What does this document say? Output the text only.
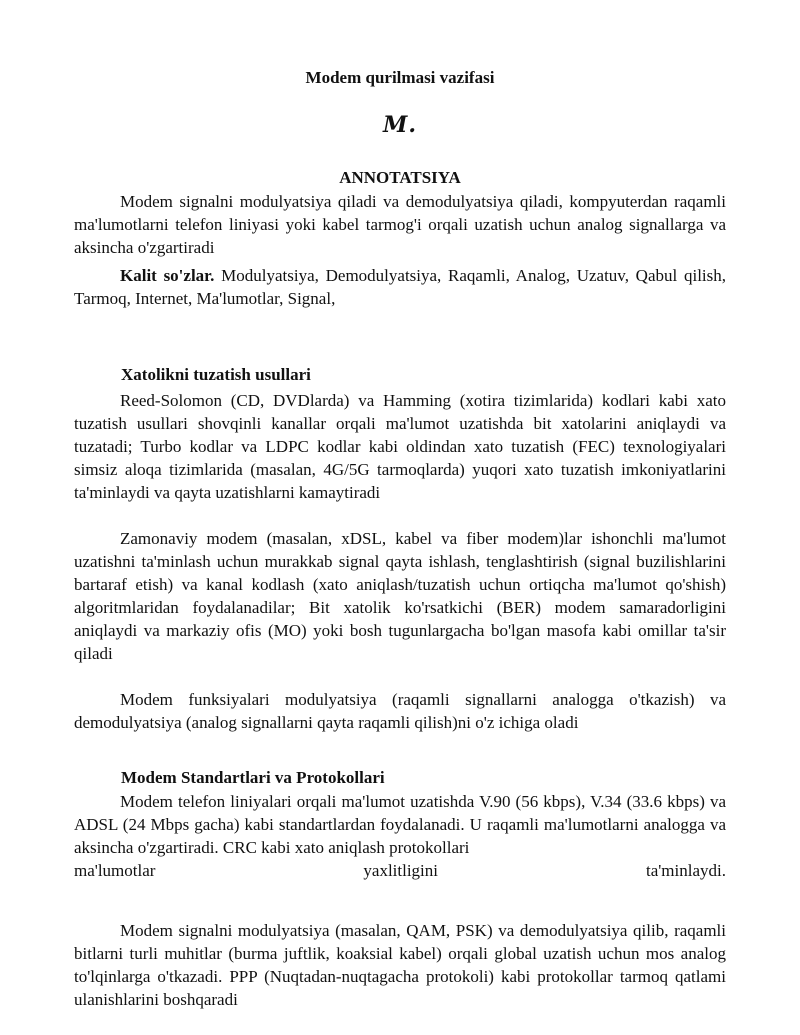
Modem qurilmasi vazifasi
M.
ANNOTATSIYA

Modem signalni modulyatsiya qiladi va demodulyatsiya qiladi, kompyuterdan raqamli ma'lumotlarni telefon liniyasi yoki kabel tarmog'i orqali uzatish uchun analog signallarga va aksincha o'zgartiradi

Kalit so'zlar. Modulyatsiya, Demodulyatsiya, Raqamli, Analog, Uzatuv, Qabul qilish, Tarmoq, Internet, Ma'lumotlar, Signal,

Xatolikni tuzatish usullari

Reed-Solomon (CD, DVDlarda) va Hamming (xotira tizimlarida) kodlari kabi xato tuzatish usullari shovqinli kanallar orqali ma'lumot uzatishda bit xatolarini aniqlaydi va tuzatadi; Turbo kodlar va LDPC kodlar kabi oldindan xato tuzatish (FEC) texnologiyalari simsiz aloqa tizimlarida (masalan, 4G/5G tarmoqlarda) yuqori xato tuzatish imkoniyatlarini ta'minlaydi va qayta uzatishlarni kamaytiradi

Zamonaviy modem (masalan, xDSL, kabel va fiber modem)lar ishonchli ma'lumot uzatishni ta'minlash uchun murakkab signal qayta ishlash, tenglashtirish (signal buzilishlarini bartaraf etish) va kanal kodlash (xato aniqlash/tuzatish uchun ortiqcha ma'lumot qo'shish) algoritmlaridan foydalanadilar; Bit xatolik ko'rsatkichi (BER) modem samaradorligini aniqlaydi va markaziy ofis (MO) yoki bosh tugunlargacha bo'lgan masofa kabi omillar ta'sir qiladi

Modem funksiyalari modulyatsiya (raqamli signallarni analogga o'tkazish) va demodulyatsiya (analog signallarni qayta raqamli qilish)ni o'z ichiga oladi

Modem Standartlari va Protokollari

Modem telefon liniyalari orqali ma'lumot uzatishda V.90 (56 kbps), V.34 (33.6 kbps) va ADSL (24 Mbps gacha) kabi standartlardan foydalanadi. U raqamli ma'lumotlarni analogga va aksincha o'zgartiradi. CRC kabi xato aniqlash protokollari

ma'lumotlar yaxlitligini ta'minlaydi.

Modem signalni modulyatsiya (masalan, QAM, PSK) va demodulyatsiya qilib, raqamli bitlarni turli muhitlar (burma juftlik, koaksial kabel) orqali global uzatish uchun mos analog to'lqinlarga o'tkazadi. PPP (Nuqtadan-nuqtagacha protokoli) kabi protokollar tarmoq qatlami ulanishlarini boshqaradi
